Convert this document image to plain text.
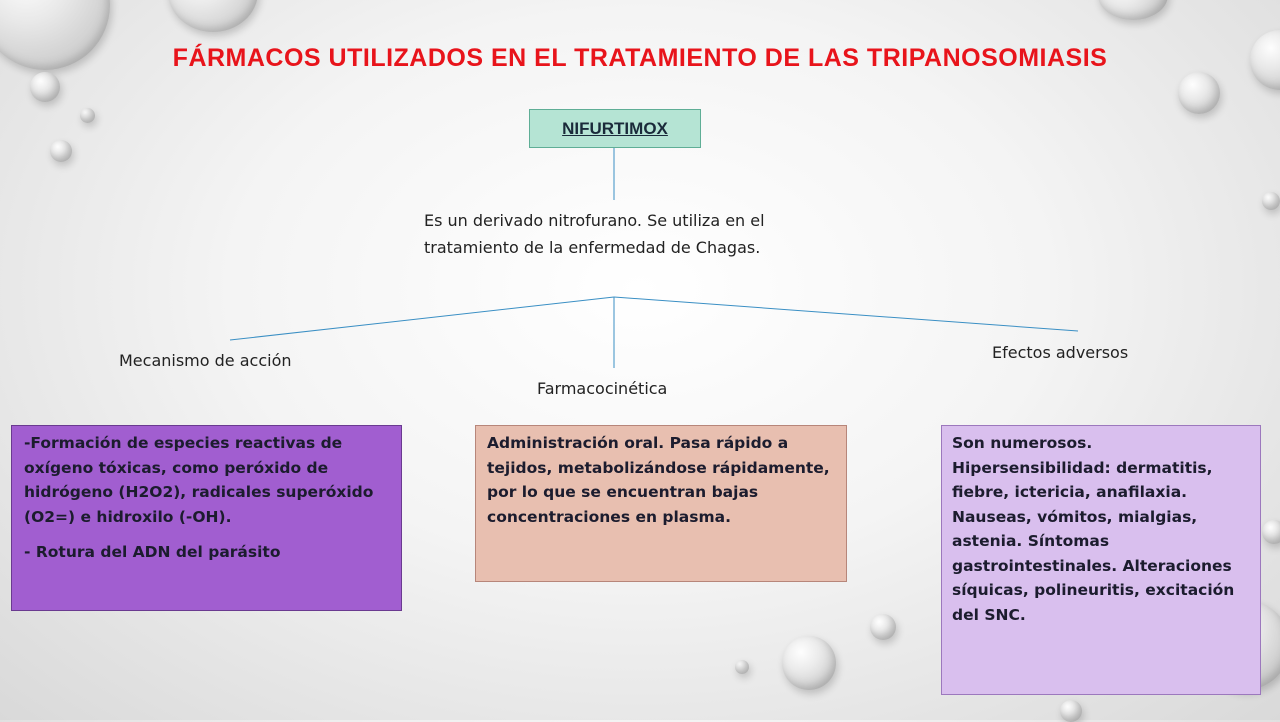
FÁRMACOS UTILIZADOS EN EL TRATAMIENTO DE LAS TRIPANOSOMIASIS
NIFURTIMOX
Es un derivado nitrofurano. Se utiliza en el tratamiento de la enfermedad de Chagas.
Mecanismo de acción
Farmacocinética
Efectos adversos

-Formación de especies reactivas de oxígeno tóxicas, como peróxido de hidrógeno (H2O2), radicales superóxido (O2=) e hidroxilo (-OH).

- Rotura del ADN del parásito

Administración oral. Pasa rápido a tejidos, metabolizándose rápidamente, por lo que se encuentran bajas concentraciones en plasma.
Son numerosos. Hipersensibilidad: dermatitis, fiebre, ictericia, anafilaxia. Nauseas, vómitos, mialgias, astenia. Síntomas gastrointestinales. Alteraciones síquicas, polineuritis, excitación del SNC.
